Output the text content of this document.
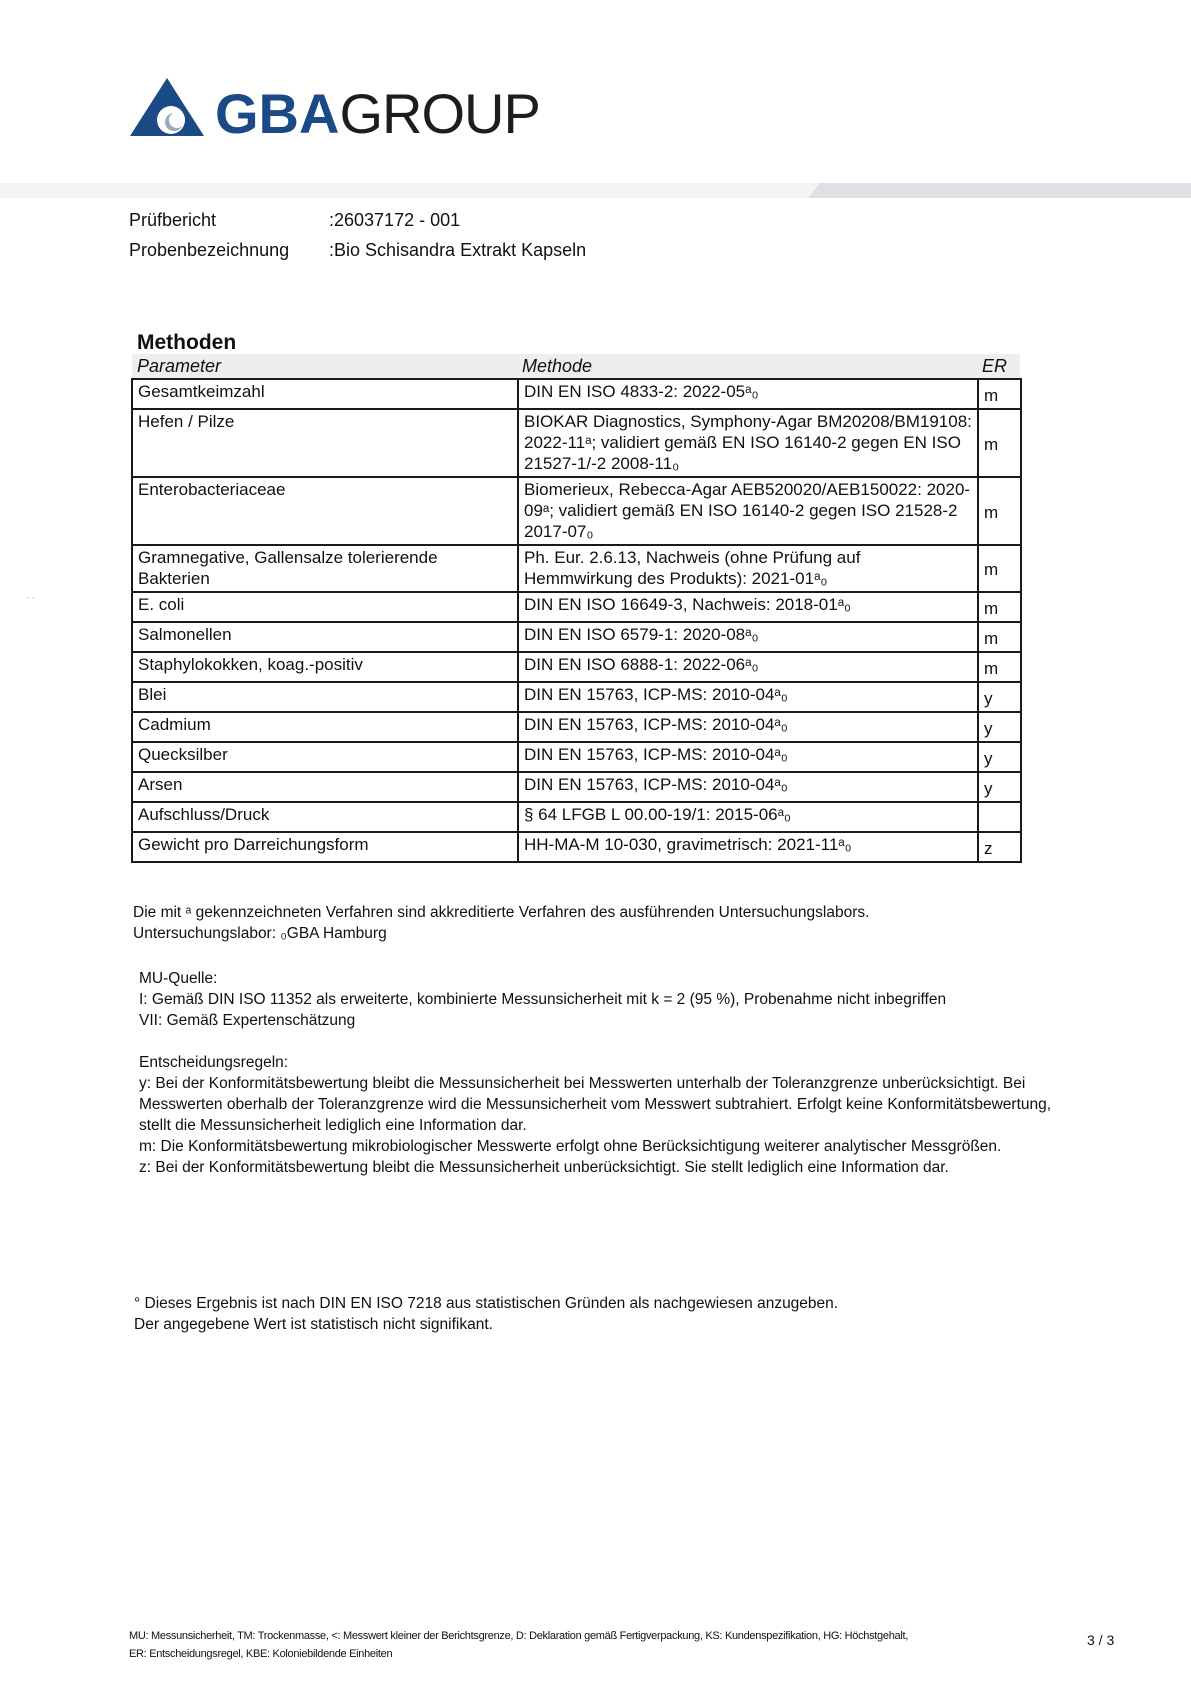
GBAGROUP
Prüfbericht	:26037172 - 001
Probenbezeichnung :Bio Schisandra Extrakt Kapseln
Methoden
Parameter	Methode	ER
Gesamtkeimzahl	DIN EN ISO 4833-2: 2022-05ᵃ₀	m
Hefen / Pilze	BIOKAR Diagnostics, Symphony-Agar BM20208/BM19108: 2022-11ᵃ; validiert gemäß EN ISO 16140-2 gegen EN ISO 21527-1/-2 2008-11₀	m
Enterobacteriaceae	Biomerieux, Rebecca-Agar AEB520020/AEB150022: 2020-09ᵃ; validiert gemäß EN ISO 16140-2 gegen ISO 21528-2 2017-07₀	m
Gramnegative, Gallensalze tolerierende Bakterien	Ph. Eur. 2.6.13, Nachweis (ohne Prüfung auf Hemmwirkung des Produkts): 2021-01ᵃ₀	m
E. coli	DIN EN ISO 16649-3, Nachweis: 2018-01ᵃ₀	m
Salmonellen	DIN EN ISO 6579-1: 2020-08ᵃ₀	m
Staphylokokken, koag.-positiv	DIN EN ISO 6888-1: 2022-06ᵃ₀	m
Blei	DIN EN 15763, ICP-MS: 2010-04ᵃ₀	y
Cadmium	DIN EN 15763, ICP-MS: 2010-04ᵃ₀	y
Quecksilber	DIN EN 15763, ICP-MS: 2010-04ᵃ₀	y
Arsen	DIN EN 15763, ICP-MS: 2010-04ᵃ₀	y
Aufschluss/Druck	§ 64 LFGB L 00.00-19/1: 2015-06ᵃ₀	
Gewicht pro Darreichungsform	HH-MA-M 10-030, gravimetrisch: 2021-11ᵃ₀	z
- -
Die mit ᵃ gekennzeichneten Verfahren sind akkreditierte Verfahren des ausführenden Untersuchungslabors.
Untersuchungslabor: ₀GBA Hamburg
MU-Quelle:
I: Gemäß DIN ISO 11352 als erweiterte, kombinierte Messunsicherheit mit k = 2 (95 %), Probenahme nicht inbegriffen
VII: Gemäß Expertenschätzung
Entscheidungsregeln:
y: Bei der Konformitätsbewertung bleibt die Messunsicherheit bei Messwerten unterhalb der Toleranzgrenze unberücksichtigt. Bei Messwerten oberhalb der Toleranzgrenze wird die Messunsicherheit vom Messwert subtrahiert. Erfolgt keine Konformitätsbewertung, stellt die Messunsicherheit lediglich eine Information dar.
m: Die Konformitätsbewertung mikrobiologischer Messwerte erfolgt ohne Berücksichtigung weiterer analytischer Messgrößen.
z: Bei der Konformitätsbewertung bleibt die Messunsicherheit unberücksichtigt. Sie stellt lediglich eine Information dar.
° Dieses Ergebnis ist nach DIN EN ISO 7218 aus statistischen Gründen als nachgewiesen anzugeben.
Der angegebene Wert ist statistisch nicht signifikant.
MU: Messunsicherheit, TM: Trockenmasse, <: Messwert kleiner der Berichtsgrenze, D: Deklaration gemäß Fertigverpackung, KS: Kundenspezifikation, HG: Höchstgehalt,
ER: Entscheidungsregel, KBE: Koloniebildende Einheiten
3 / 3
